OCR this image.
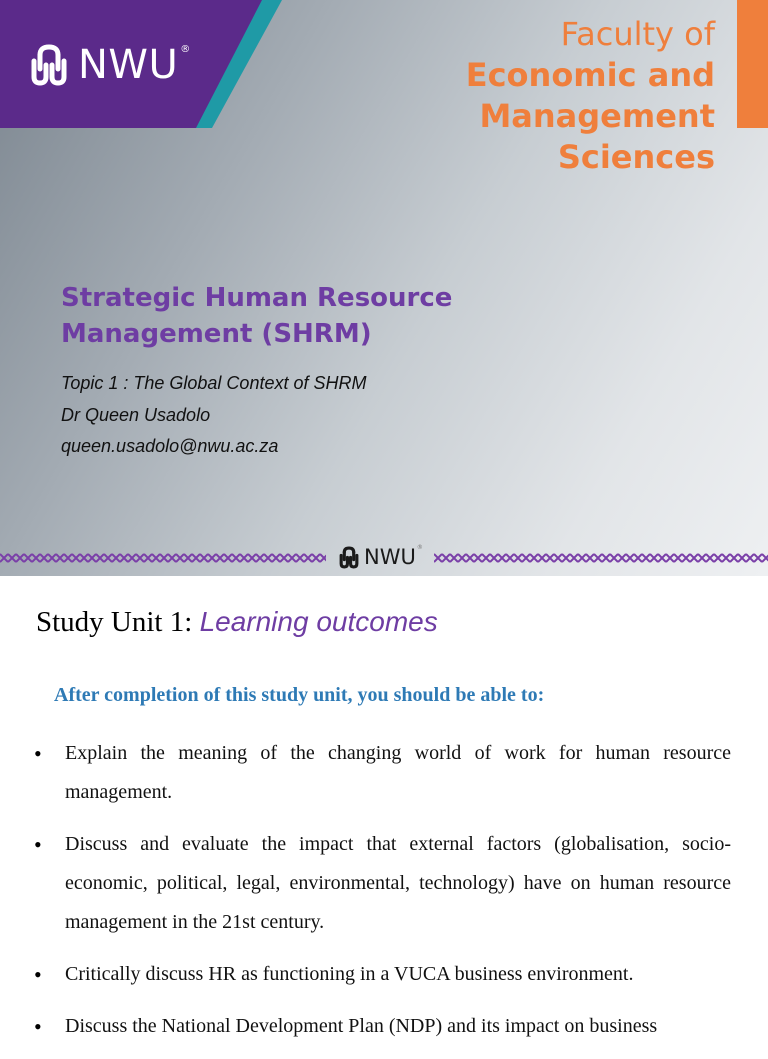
NWU ®	Faculty of
Economic and
Management
Sciences
Strategic Human Resource
Management (SHRM)
Topic 1 : The Global Context of SHRM
Dr Queen Usadolo
queen.usadolo@nwu.ac.za
NWU ®
Study Unit 1: Learning outcomes
After completion of this study unit, you should be able to:
• Explain the meaning of the changing world of work for human resource management.
• Discuss and evaluate the impact that external factors (globalisation, socio-economic, political, legal, environmental, technology) have on human resource management in the 21st century.
• Critically discuss HR as functioning in a VUCA business environment.
• Discuss the National Development Plan (NDP) and its impact on business
